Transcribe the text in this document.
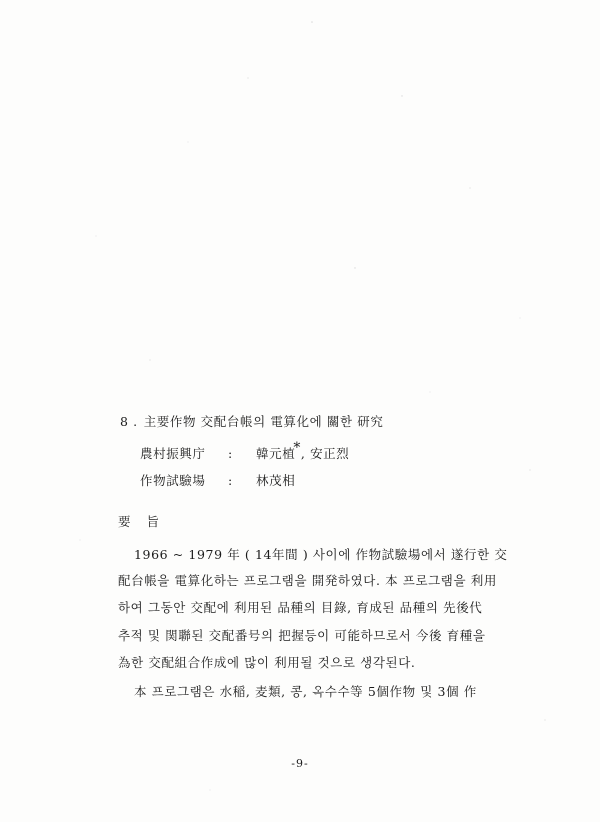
8 . 主要作物 交配台帳의 電算化에 關한 研究
農村振興庁 : 韓元植*, 安正烈
作物試驗場 : 林茂相
要 旨
1966 ~ 1979 年 ( 14年間 ) 사이에 作物試驗場에서 遂行한 交
配台帳을 電算化하는 프로그램을 開発하였다. 本 프로그램을 利用
하여 그동안 交配에 利用된 品種의 目錄, 育成된 品種의 先後代
추적 및 関聯된 交配番号의 把握등이 可能하므로서 今後 育種을
為한 交配組合作成에 많이 利用될 것으로 생각된다.
本 프로그램은 水稲, 麦類, 콩, 옥수수等 5個作物 및 3個 作
-9-
